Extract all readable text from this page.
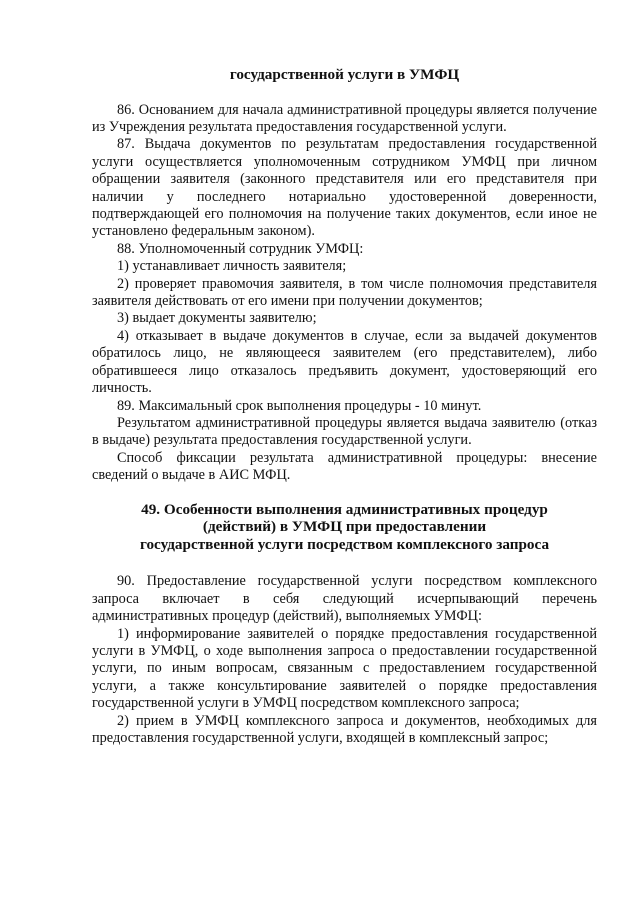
государственной услуги в УМФЦ

86. Основанием для начала административной процедуры является получение из Учреждения результата предоставления государственной услуги.

87. Выдача документов по результатам предоставления государственной услуги осуществляется уполномоченным сотрудником УМФЦ при личном обращении заявителя (законного представителя или его представителя при наличии у последнего нотариально удостоверенной доверенности, подтверждающей его полномочия на получение таких документов, если иное не установлено федеральным законом).

88. Уполномоченный сотрудник УМФЦ:

1) устанавливает личность заявителя;

2) проверяет правомочия заявителя, в том числе полномочия представителя заявителя действовать от его имени при получении документов;

3) выдает документы заявителю;

4) отказывает в выдаче документов в случае, если за выдачей документов обратилось лицо, не являющееся заявителем (его представителем), либо обратившееся лицо отказалось предъявить документ, удостоверяющий его личность.

89. Максимальный срок выполнения процедуры - 10 минут.

Результатом административной процедуры является выдача заявителю (отказ в выдаче) результата предоставления государственной услуги.

Способ фиксации результата административной процедуры: внесение сведений о выдаче в АИС МФЦ.

49. Особенности выполнения административных процедур
(действий) в УМФЦ при предоставлении
государственной услуги посредством комплексного запроса

90. Предоставление государственной услуги посредством комплексного запроса включает в себя следующий исчерпывающий перечень административных процедур (действий), выполняемых УМФЦ:

1) информирование заявителей о порядке предоставления государственной услуги в УМФЦ, о ходе выполнения запроса о предоставлении государственной услуги, по иным вопросам, связанным с предоставлением государственной услуги, а также консультирование заявителей о порядке предоставления государственной услуги в УМФЦ посредством комплексного запроса;

2) прием в УМФЦ комплексного запроса и документов, необходимых для предоставления государственной услуги, входящей в комплексный запрос;
